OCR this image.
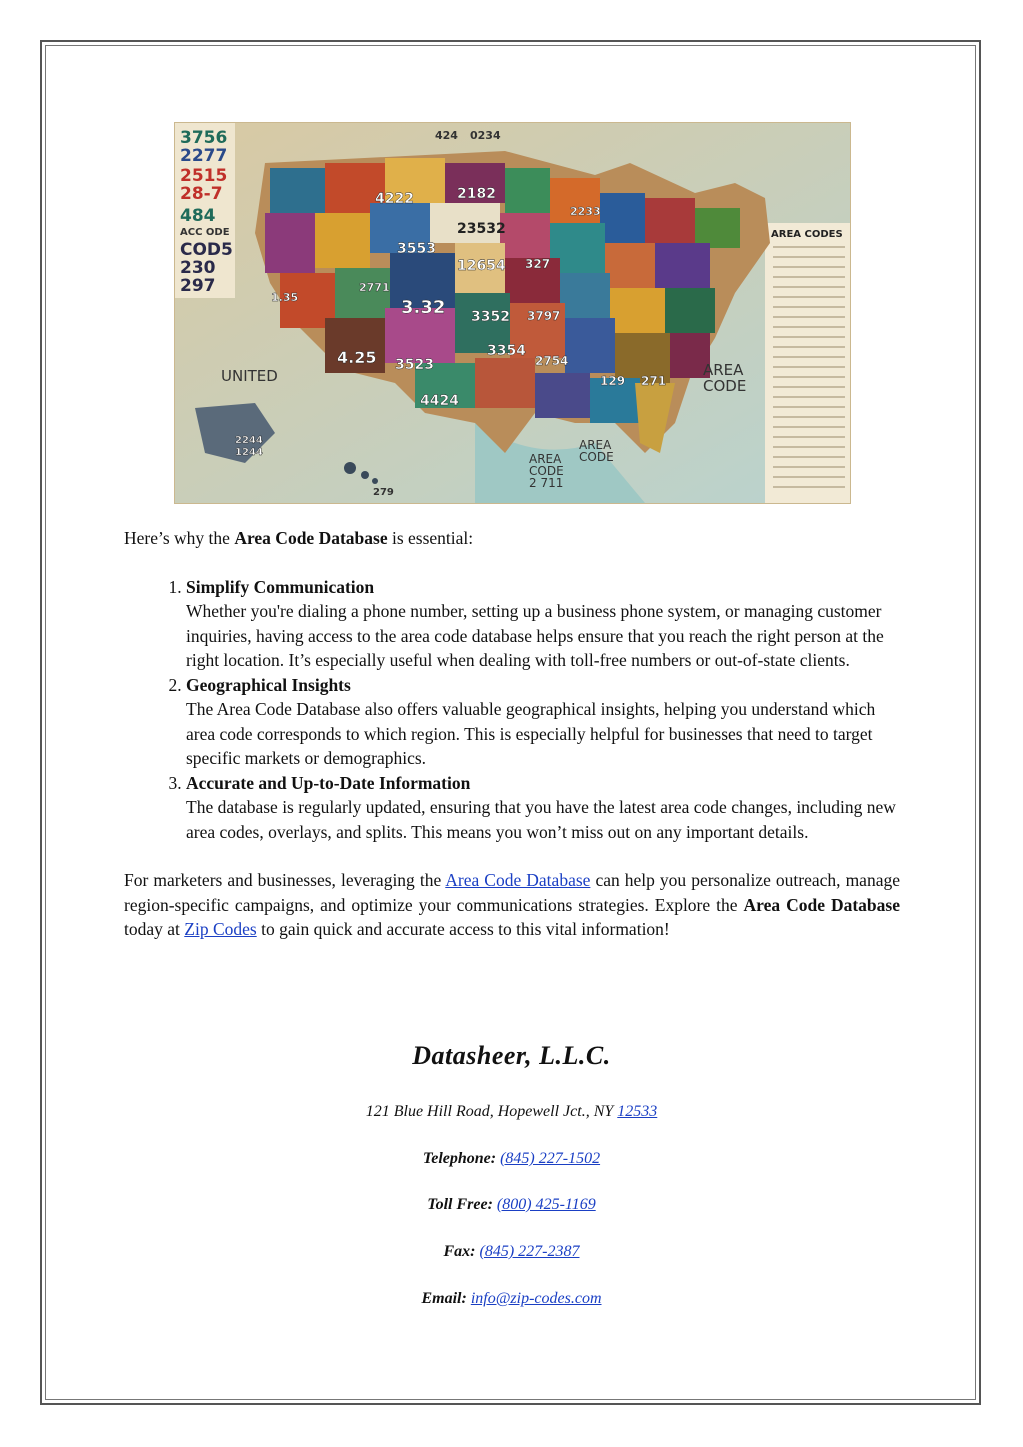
3756
2277
2515
28-7
484
ACC ODE
COD5
230
297
424 0234
4222	2182
23532
3553
12654
3.32 3352
2771
4.25 3523
4424
3354
2754
327
3797
1.35
2233
129 271
2244
1244
279
UNITED	AREA
CODE
AREA
CODE
2 711
AREA
CODE
AREA CODES

Here’s why the Area Code Database is essential:

1. Simplify Communication
Whether you're dialing a phone number, setting up a business phone system, or managing customer inquiries, having access to the area code database helps ensure that you reach the right person at the right location. It’s especially useful when dealing with toll-free numbers or out-of-state clients.
2. Geographical Insights
The Area Code Database also offers valuable geographical insights, helping you understand which area code corresponds to which region. This is especially helpful for businesses that need to target specific markets or demographics.
3. Accurate and Up-to-Date Information
The database is regularly updated, ensuring that you have the latest area code changes, including new area codes, overlays, and splits. This means you won’t miss out on any important details.

For marketers and businesses, leveraging the Area Code Database can help you personalize outreach, manage region-specific campaigns, and optimize your communications strategies. Explore the Area Code Database today at Zip Codes to gain quick and accurate access to this vital information!

Datasheer, L.L.C.
121 Blue Hill Road, Hopewell Jct., NY 12533
Telephone: (845) 227-1502
Toll Free: (800) 425-1169
Fax: (845) 227-2387
Email: info@zip-codes.com
